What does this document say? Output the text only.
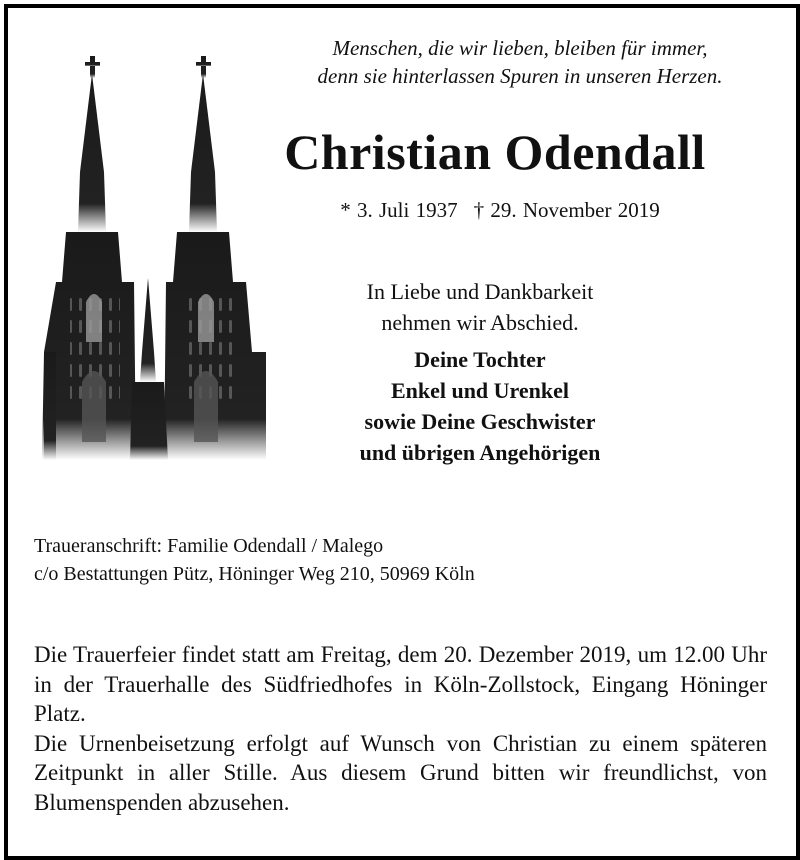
Menschen, die wir lieben, bleiben für immer,
denn sie hinterlassen Spuren in unseren Herzen.
Christian Odendall
* 3. Juli 1937 † 29. November 2019
In Liebe und Dankbarkeit
nehmen wir Abschied.
Deine Tochter
Enkel und Urenkel
sowie Deine Geschwister
und übrigen Angehörigen
Traueranschrift: Familie Odendall / Malego
c/o Bestattungen Pütz, Höninger Weg 210, 50969 Köln

Die Trauerfeier findet statt am Freitag, dem 20. Dezember 2019, um 12.00 Uhr in der Trauerhalle des Südfriedhofes in Köln-Zollstock, Eingang Höninger Platz.

Die Urnenbeisetzung erfolgt auf Wunsch von Christian zu einem späteren Zeitpunkt in aller Stille. Aus diesem Grund bitten wir freundlichst, von Blumenspenden abzusehen.
